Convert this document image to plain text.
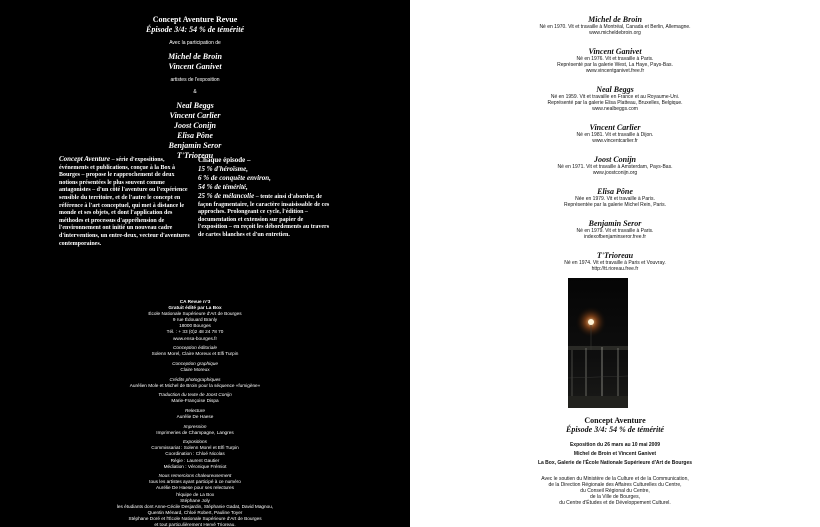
Concept Aventure Revue
Épisode 3/4: 54 % de témérité
Avec la participation de
Michel de Broin
Vincent Ganivet
artistes de l'exposition
&
Neal Beggs
Vincent Carlier
Joost Conijn
Elisa Pône
Benjamin Seror
T'Trioreau
Concept Aventure – série d'expositions, événements et publications, conçue à la Box à Bourges – propose le rapprochement de deux notions présentées le plus souvent comme antagonistes – d'un côté l'aventure ou l'expérience sensible du territoire, et de l'autre le concept en référence à l'art conceptuel, qui met à distance le monde et ses objets, et dont l'application des méthodes et processus d'appréhension de l'environnement ont initié un nouveau cadre d'interventions, un entre-deux, vecteur d'aventures contemporaines.
Chaque épisode –
15 % d'héroïsme,
6 % de conquête environ,
54 % de témérité,
25 % de mélancolie – tente ainsi d'aborder, de façon fragmentaire, le caractère insaisissable de ces approches. Prolongeant ce cycle, l'édition – documentation et extension sur papier de l'exposition – en reçoit les débordements au travers de cartes blanches et d'un entretien.
CA Revue n°3
Gratuit édité par La Box
École Nationale Supérieure d'Art de Bourges
9 rue Édouard Branly
18000 Bourges
Tél. : + 33 (0)2 48 24 78 70
www.ensa-bourges.fr
Conception éditoriale
Solenn Morel, Claire Moreux et Elfi Turpin
Conception graphique
Claire Moreux
Crédits photographiques
Aurélien Mole et Michel de Broin pour la séquence «fumigène»
Traduction du texte de Joost Conijn
Marie-Françoise Dispa
Relecture
Aurélie De Haese
Impression
Imprimeries de Champagne, Langres
Expositions
Commissariat : Solenn Morel et Elfi Turpin
Coordination : Chloé Nicolas
Régie : Laurent Gautier
Médiation : Véronique Frémiot
Nous remercions chaleureusement
tous les artistes ayant participé à ce numéro
Aurélie De Haese pour ses relectures
l'équipe de La Box
Stéphane Joly
les étudiants dont Anne-Cécile Desjardin, Stéphanie Gadat, David Magnou,
Quentin Ménard, Chloé Robert, Pauline Toyer
Stéphane Doré et l'École Nationale Supérieure d'Art de Bourges
et tout particulièrement Hervé Trioreau.
Michel de Broin
Né en 1970. Vit et travaille à Montréal, Canada et Berlin, Allemagne.
www.micheldebroin.org
Vincent Ganivet
Né en 1976. Vit et travaille à Paris.
Représenté par la galerie West, La Haye, Pays-Bas.
www.vincentganivet.free.fr
Neal Beggs
Né en 1959. Vit et travaille en France et au Royaume-Uni.
Représenté par la galerie Elisa Platteau, Bruxelles, Belgique.
www.nealbeggs.com
Vincent Carlier
Né en 1981. Vit et travaille à Dijon.
www.vincentcarlier.fr
Joost Conijn
Né en 1971. Vit et travaille à Amsterdam, Pays-Bas.
www.joostconijn.org
Elisa Pône
Née en 1979. Vit et travaille à Paris.
Représentée par la galerie Michel Rein, Paris.
Benjamin Seror
Né en 1979. Vit et travaille à Paris.
indexofbenjaminseror.free.fr
T'Trioreau
Né en 1974. Vit et travaille à Paris et Vouvray.
http://tt.rioreau.free.fr
Concept Aventure
Épisode 3/4: 54 % de témérité
Exposition du 26 mars au 10 mai 2009
Michel de Broin et Vincent Ganivet
La Box, Galerie de l'École Nationale Supérieure d'Art de Bourges
Avec le soutien du Ministère de la Culture et de la Communication,
de la Direction Régionale des Affaires Culturelles du Centre,
du Conseil Régional du Centre,
de la Ville de Bourges,
du Centre d'Études et de Développement Culturel.
